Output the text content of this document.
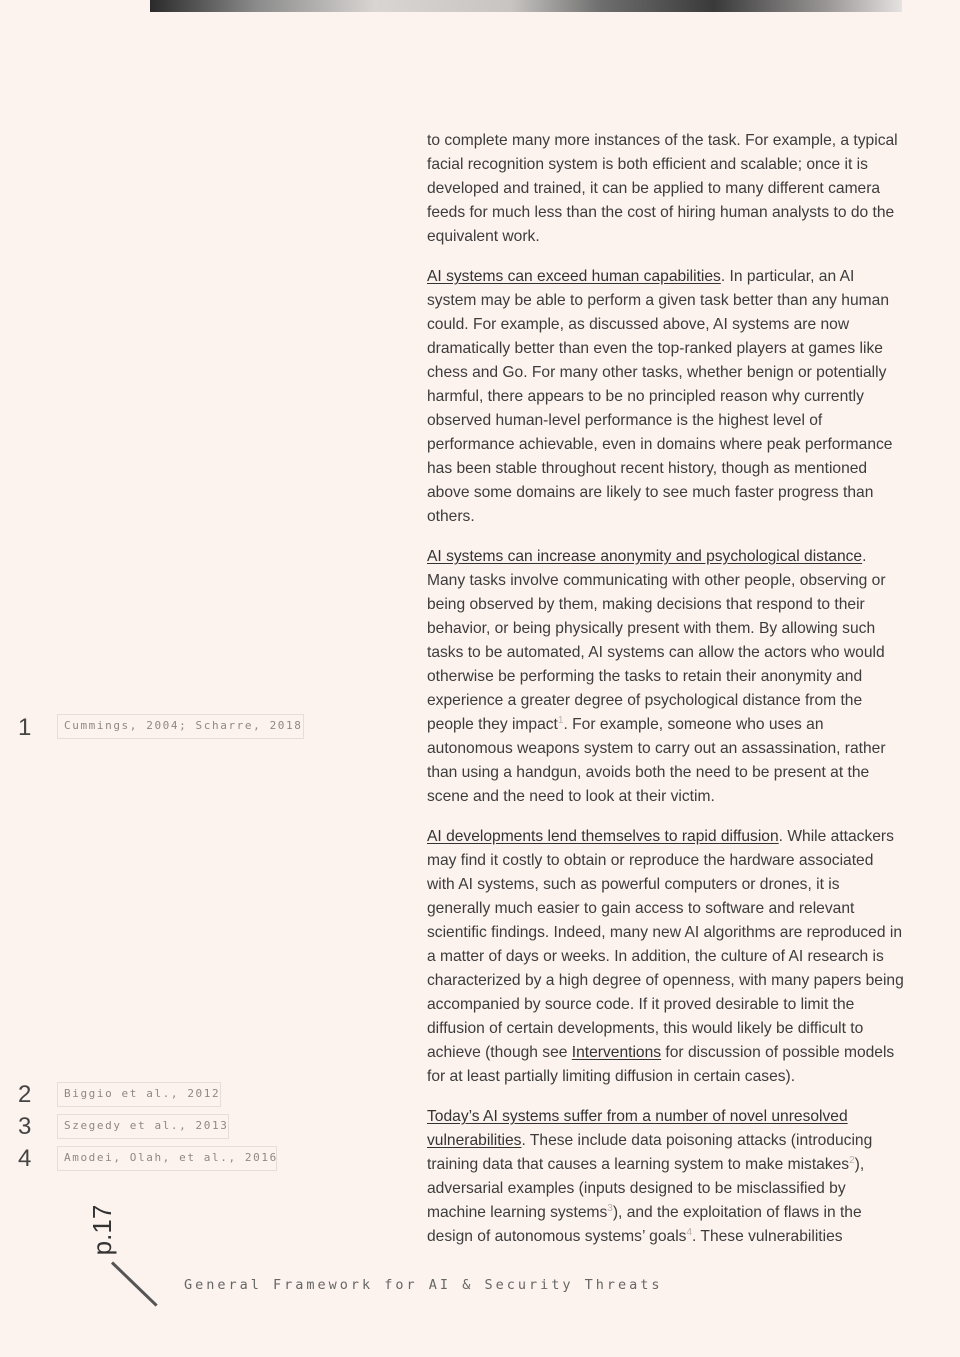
1	Cummings, 2004; Scharre, 2018
2	Biggio et al., 2012
3	Szegedy et al., 2013
4	Amodei, Olah, et al., 2016

to complete many more instances of the task. For example, a typical facial recognition system is both efficient and scalable; once it is developed and trained, it can be applied to many different camera feeds for much less than the cost of hiring human analysts to do the equivalent work.

AI systems can exceed human capabilities. In particular, an AI system may be able to perform a given task better than any human could. For example, as discussed above, AI systems are now dramatically better than even the top-ranked players at games like chess and Go. For many other tasks, whether benign or potentially harmful, there appears to be no principled reason why currently observed human-level performance is the highest level of performance achievable, even in domains where peak performance has been stable throughout recent history, though as mentioned above some domains are likely to see much faster progress than others.

AI systems can increase anonymity and psychological distance. Many tasks involve communicating with other people, observing or being observed by them, making decisions that respond to their behavior, or being physically present with them. By allowing such tasks to be automated, AI systems can allow the actors who would otherwise be performing the tasks to retain their anonymity and experience a greater degree of psychological distance from the people they impact$^1$. For example, someone who uses an autonomous weapons system to carry out an assassination, rather than using a handgun, avoids both the need to be present at the scene and the need to look at their victim.

AI developments lend themselves to rapid diffusion. While attackers may find it costly to obtain or reproduce the hardware associated with AI systems, such as powerful computers or drones, it is generally much easier to gain access to software and relevant scientific findings. Indeed, many new AI algorithms are reproduced in a matter of days or weeks. In addition, the culture of AI research is characterized by a high degree of openness, with many papers being accompanied by source code. If it proved desirable to limit the diffusion of certain developments, this would likely be difficult to achieve (though see Interventions for discussion of possible models for at least partially limiting diffusion in certain cases).

Today’s AI systems suffer from a number of novel unresolved vulnerabilities. These include data poisoning attacks (introducing training data that causes a learning system to make mistakes$^2$), adversarial examples (inputs designed to be misclassified by machine learning systems$^3$), and the exploitation of flaws in the design of autonomous systems’ goals$^4$. These vulnerabilities

p.17
General Framework for AI & Security Threats
